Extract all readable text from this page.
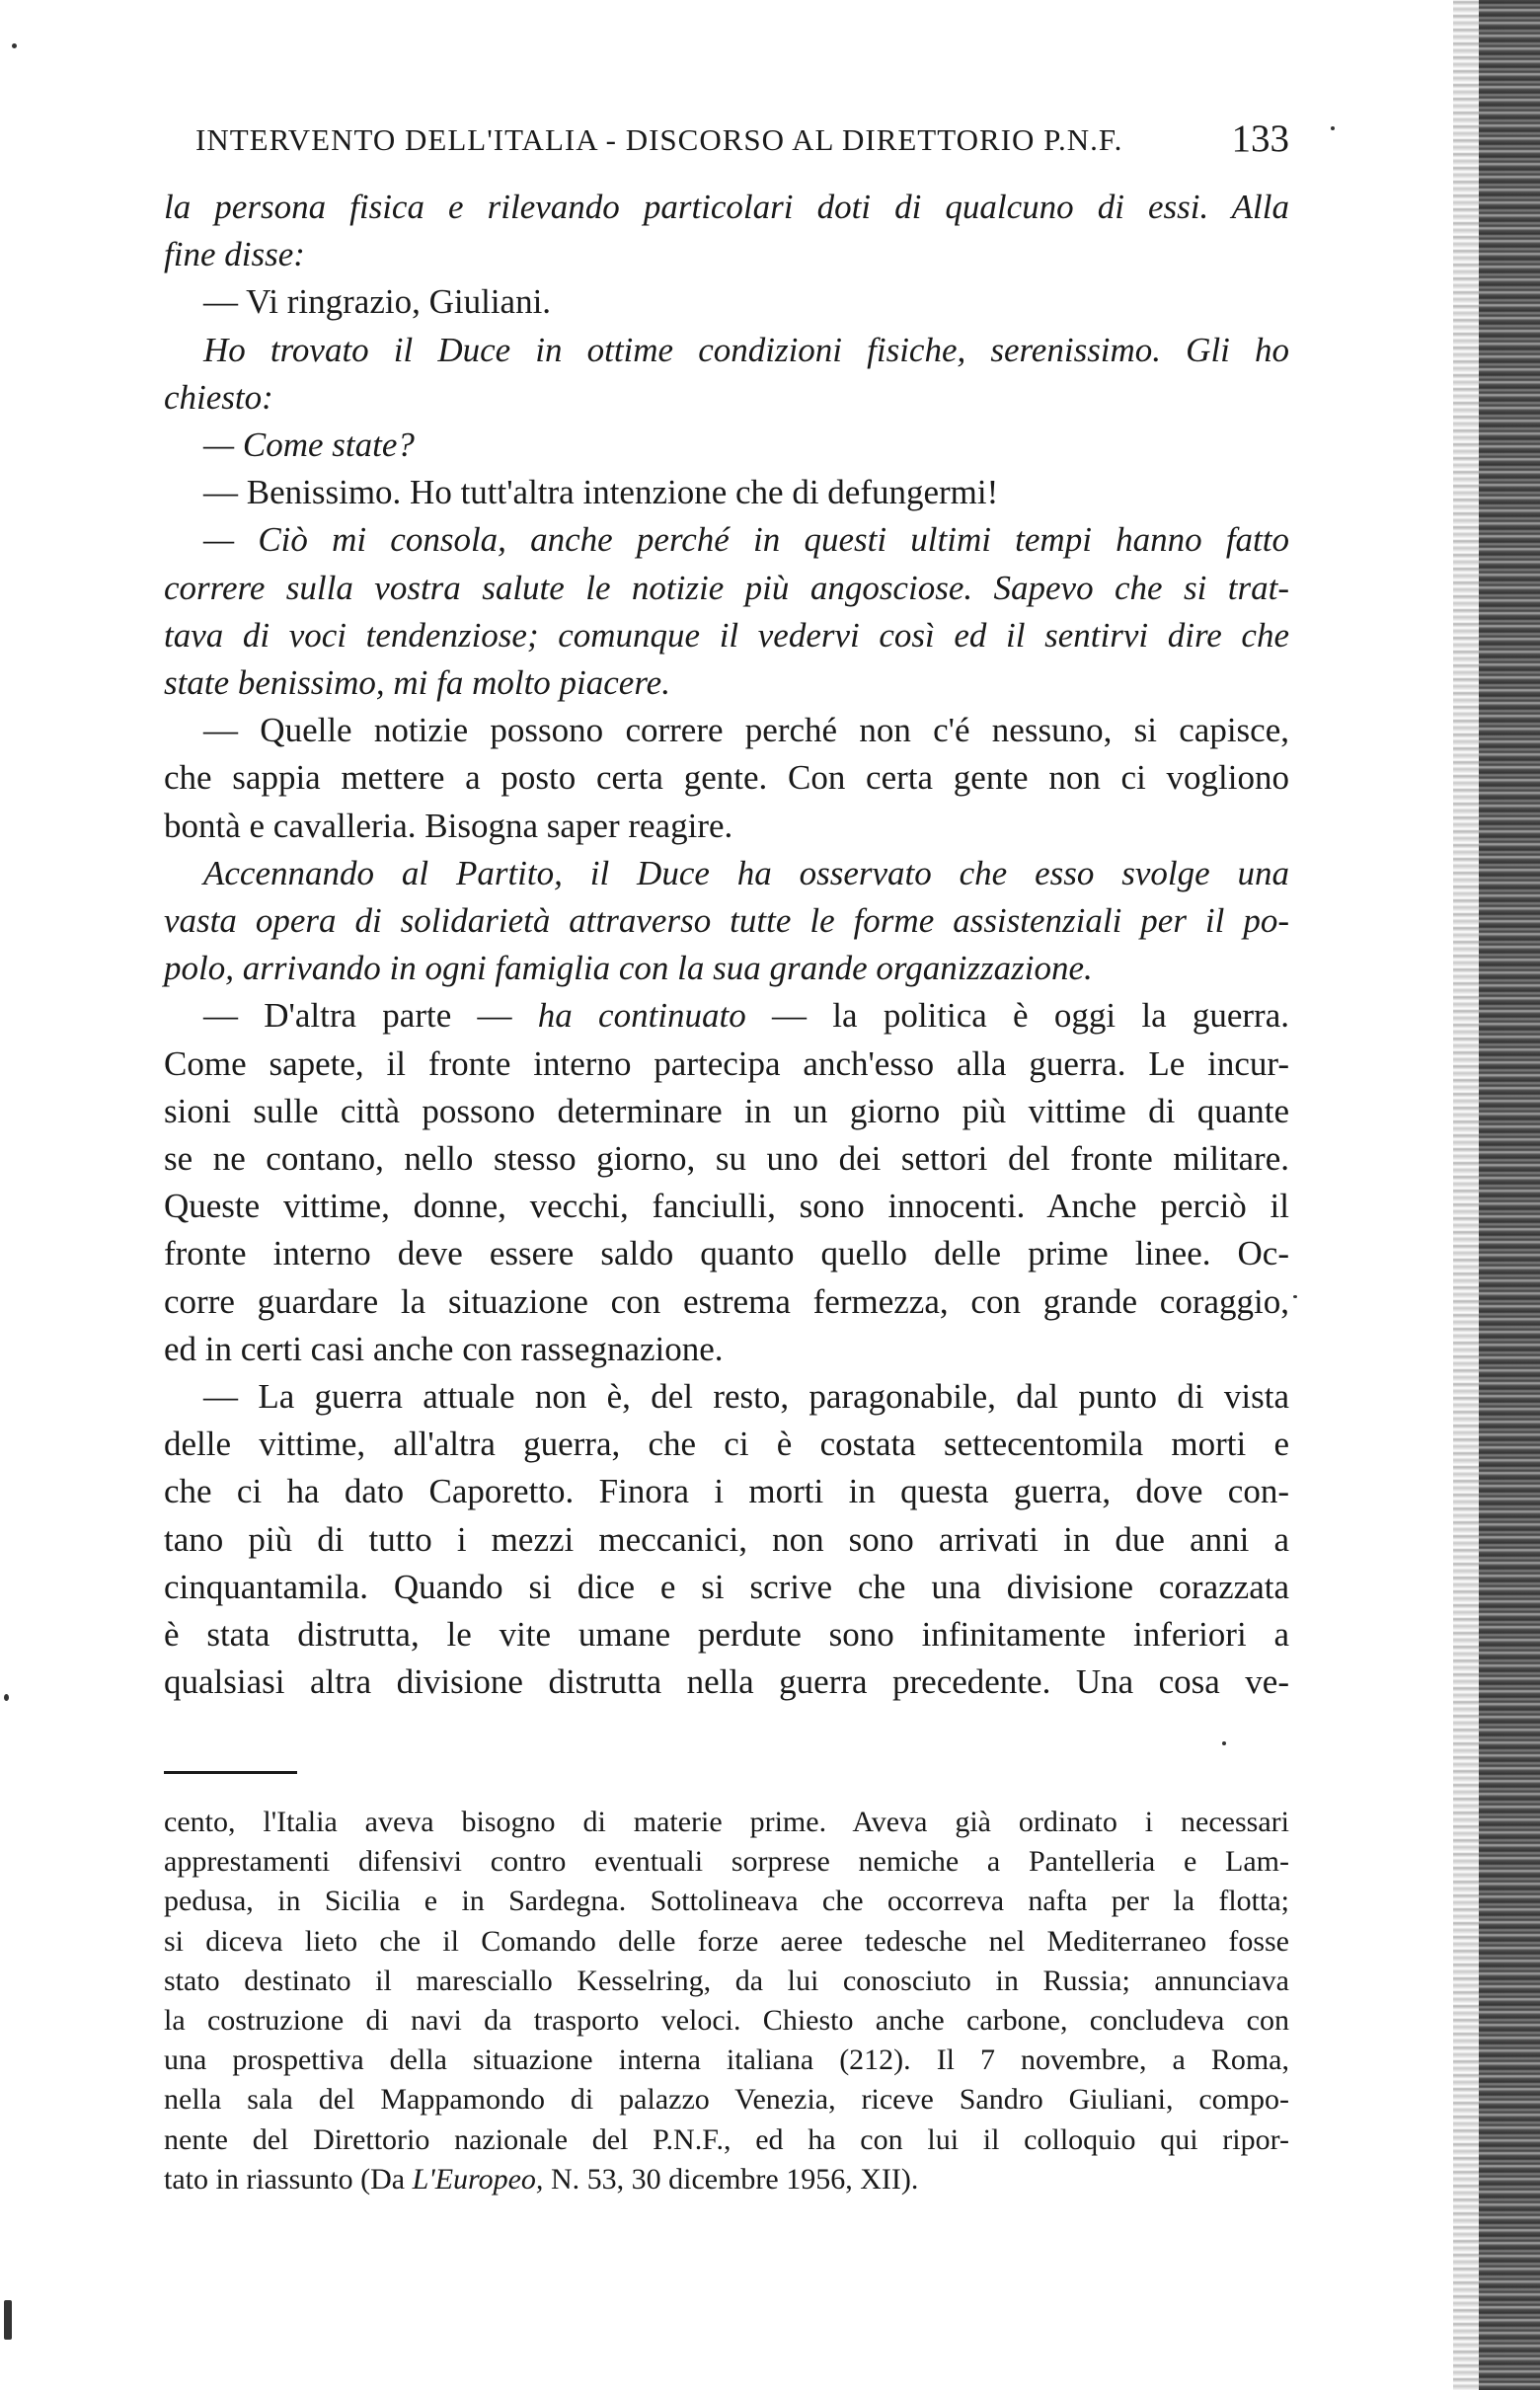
INTERVENTO DELL'ITALIA - DISCORSO AL DIRETTORIO P.N.F.	133
la persona fisica e rilevando particolari doti di qualcuno di essi. Alla
fine disse:
— Vi ringrazio, Giuliani.
Ho trovato il Duce in ottime condizioni fisiche, serenissimo. Gli ho
chiesto:
— Come state?
— Benissimo. Ho tutt'altra intenzione che di defungermi!
— Ciò mi consola, anche perché in questi ultimi tempi hanno fatto
correre sulla vostra salute le notizie più angosciose. Sapevo che si trat-
tava di voci tendenziose; comunque il vedervi così ed il sentirvi dire che
state benissimo, mi fa molto piacere.
— Quelle notizie possono correre perché non c'é nessuno, si capisce,
che sappia mettere a posto certa gente. Con certa gente non ci vogliono
bontà e cavalleria. Bisogna saper reagire.
Accennando al Partito, il Duce ha osservato che esso svolge una
vasta opera di solidarietà attraverso tutte le forme assistenziali per il po-
polo, arrivando in ogni famiglia con la sua grande organizzazione.
— D'altra parte — ha continuato — la politica è oggi la guerra.
Come sapete, il fronte interno partecipa anch'esso alla guerra. Le incur-
sioni sulle città possono determinare in un giorno più vittime di quante
se ne contano, nello stesso giorno, su uno dei settori del fronte militare.
Queste vittime, donne, vecchi, fanciulli, sono innocenti. Anche perciò il
fronte interno deve essere saldo quanto quello delle prime linee. Oc-
corre guardare la situazione con estrema fermezza, con grande coraggio,
ed in certi casi anche con rassegnazione.
— La guerra attuale non è, del resto, paragonabile, dal punto di vista
delle vittime, all'altra guerra, che ci è costata settecentomila morti e
che ci ha dato Caporetto. Finora i morti in questa guerra, dove con-
tano più di tutto i mezzi meccanici, non sono arrivati in due anni a
cinquantamila. Quando si dice e si scrive che una divisione corazzata
è stata distrutta, le vite umane perdute sono infinitamente inferiori a
qualsiasi altra divisione distrutta nella guerra precedente. Una cosa ve-
cento, l'Italia aveva bisogno di materie prime. Aveva già ordinato i necessari
apprestamenti difensivi contro eventuali sorprese nemiche a Pantelleria e Lam-
pedusa, in Sicilia e in Sardegna. Sottolineava che occorreva nafta per la flotta;
si diceva lieto che il Comando delle forze aeree tedesche nel Mediterraneo fosse
stato destinato il maresciallo Kesselring, da lui conosciuto in Russia; annunciava
la costruzione di navi da trasporto veloci. Chiesto anche carbone, concludeva con
una prospettiva della situazione interna italiana (212). Il 7 novembre, a Roma,
nella sala del Mappamondo di palazzo Venezia, riceve Sandro Giuliani, compo-
nente del Direttorio nazionale del P.N.F., ed ha con lui il colloquio qui ripor-
tato in riassunto (Da L'Europeo, N. 53, 30 dicembre 1956, XII).
